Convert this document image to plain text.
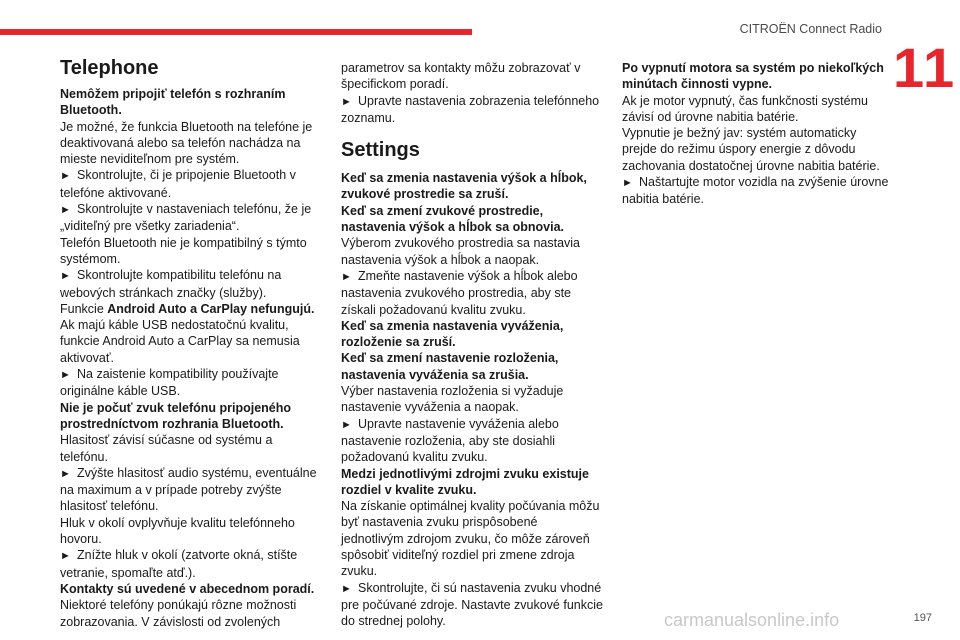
CITROËN Connect Radio
11
Telephone

Nemôžem pripojiť telefón s rozhraním Bluetooth.

Je možné, že funkcia Bluetooth na telefóne je deaktivovaná alebo sa telefón nachádza na mieste neviditeľnom pre systém.

►  Skontrolujte, či je pripojenie Bluetooth v telefóne aktivované.

►  Skontrolujte v nastaveniach telefónu, že je „viditeľný pre všetky zariadenia“.

Telefón Bluetooth nie je kompatibilný s týmto systémom.

►  Skontrolujte kompatibilitu telefónu na webových stránkach značky (služby).

Funkcie Android Auto a CarPlay nefungujú.

Ak majú káble USB nedostatočnú kvalitu, funkcie Android Auto a CarPlay sa nemusia aktivovať.

►  Na zaistenie kompatibility používajte originálne káble USB.

Nie je počuť zvuk telefónu pripojeného prostredníctvom rozhrania Bluetooth.

Hlasitosť závisí súčasne od systému a telefónu.

►  Zvýšte hlasitosť audio systému, eventuálne na maximum a v prípade potreby zvýšte hlasitosť telefónu.

Hluk v okolí ovplyvňuje kvalitu telefónneho hovoru.

►  Znížte hluk v okolí (zatvorte okná, stíšte vetranie, spomaľte atď.).

Kontakty sú uvedené v abecednom poradí.

Niektoré telefóny ponúkajú rôzne možnosti zobrazovania. V závislosti od zvolených

parametrov sa kontakty môžu zobrazovať v špecifickom poradí.

►  Upravte nastavenia zobrazenia telefónneho zoznamu.

Settings

Keď sa zmenia nastavenia výšok a hĺbok, zvukové prostredie sa zruší.

Keď sa zmení zvukové prostredie, nastavenia výšok a hĺbok sa obnovia.

Výberom zvukového prostredia sa nastavia nastavenia výšok a hĺbok a naopak.

►  Zmeňte nastavenie výšok a hĺbok alebo nastavenia zvukového prostredia, aby ste získali požadovanú kvalitu zvuku.

Keď sa zmenia nastavenia vyváženia, rozloženie sa zruší.

Keď sa zmení nastavenie rozloženia, nastavenia vyváženia sa zrušia.

Výber nastavenia rozloženia si vyžaduje nastavenie vyváženia a naopak.

►  Upravte nastavenie vyváženia alebo nastavenie rozloženia, aby ste dosiahli požadovanú kvalitu zvuku.

Medzi jednotlivými zdrojmi zvuku existuje rozdiel v kvalite zvuku.

Na získanie optimálnej kvality počúvania môžu byť nastavenia zvuku prispôsobené jednotlivým zdrojom zvuku, čo môže zároveň spôsobiť viditeľný rozdiel pri zmene zdroja zvuku.

►  Skontrolujte, či sú nastavenia zvuku vhodné pre počúvané zdroje. Nastavte zvukové funkcie do strednej polohy.

Po vypnutí motora sa systém po niekoľkých minútach činnosti vypne.

Ak je motor vypnutý, čas funkčnosti systému závisí od úrovne nabitia batérie.

Vypnutie je bežný jav: systém automaticky prejde do režimu úspory energie z dôvodu zachovania dostatočnej úrovne nabitia batérie.

►  Naštartujte motor vozidla na zvýšenie úrovne nabitia batérie.

carmanualsonline.info	197
